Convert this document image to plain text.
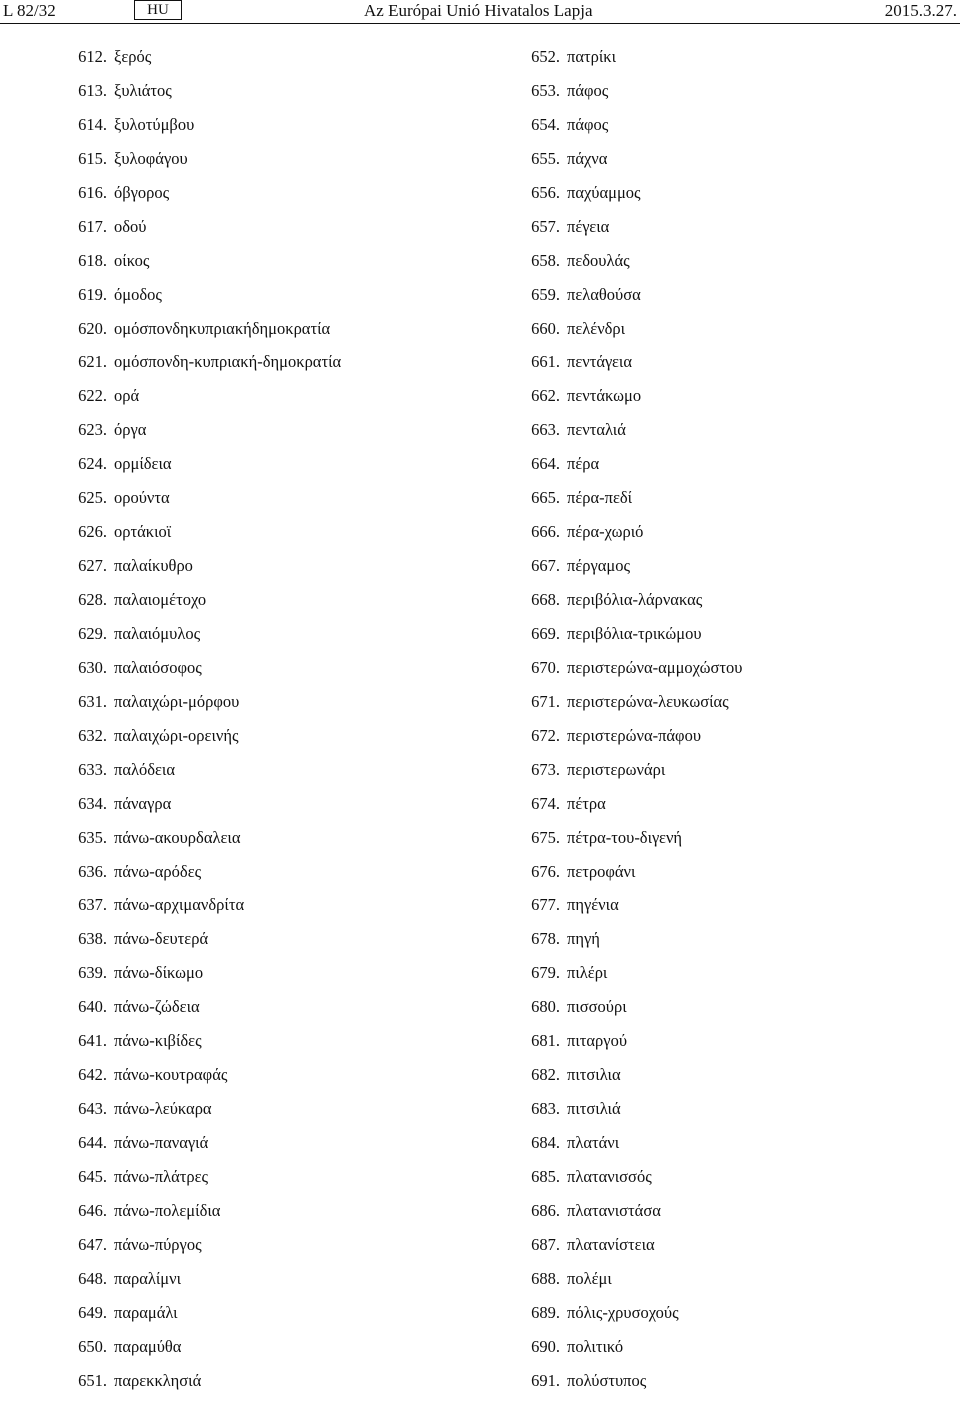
L 82/32	HU	Az Európai Unió Hivatalos Lapja	2015.3.27.
612. ξερός
613. ξυλιάτος
614. ξυλοτύμβου
615. ξυλοφάγου
616. όβγορος
617. οδού
618. οίκος
619. όμοδος
620. ομόσπονδηκυπριακήδημοκρατία
621. ομόσπονδη-κυπριακή-δημοκρατία
622. ορά
623. όργα
624. ορμίδεια
625. ορούντα
626. ορτάκιοϊ
627. παλαίκυθρο
628. παλαιομέτοχο
629. παλαιόμυλος
630. παλαιόσοφος
631. παλαιχώρι-μόρφου
632. παλαιχώρι-ορεινής
633. παλόδεια
634. πάναγρα
635. πάνω-ακουρδαλεια
636. πάνω-αρόδες
637. πάνω-αρχιμανδρίτα
638. πάνω-δευτερά
639. πάνω-δίκωμο
640. πάνω-ζώδεια
641. πάνω-κιβίδες
642. πάνω-κουτραφάς
643. πάνω-λεύκαρα
644. πάνω-παναγιά
645. πάνω-πλάτρες
646. πάνω-πολεμίδια
647. πάνω-πύργος
648. παραλίμνι
649. παραμάλι
650. παραμύθα
651. παρεκκλησιά
652. πατρίκι
653. πάφος
654. πάφος
655. πάχνα
656. παχύαμμος
657. πέγεια
658. πεδουλάς
659. πελαθούσα
660. πελένδρι
661. πεντάγεια
662. πεντάκωμο
663. πενταλιά
664. πέρα
665. πέρα-πεδί
666. πέρα-χωριό
667. πέργαμος
668. περιβόλια-λάρνακας
669. περιβόλια-τρικώμου
670. περιστερώνα-αμμοχώστου
671. περιστερώνα-λευκωσίας
672. περιστερώνα-πάφου
673. περιστερωνάρι
674. πέτρα
675. πέτρα-του-διγενή
676. πετροφάνι
677. πηγένια
678. πηγή
679. πιλέρι
680. πισσούρι
681. πιταργού
682. πιτσιλια
683. πιτσιλιά
684. πλατάνι
685. πλατανισσός
686. πλατανιστάσα
687. πλατανίστεια
688. πολέμι
689. πόλις-χρυσοχούς
690. πολιτικό
691. πολύστυπος
